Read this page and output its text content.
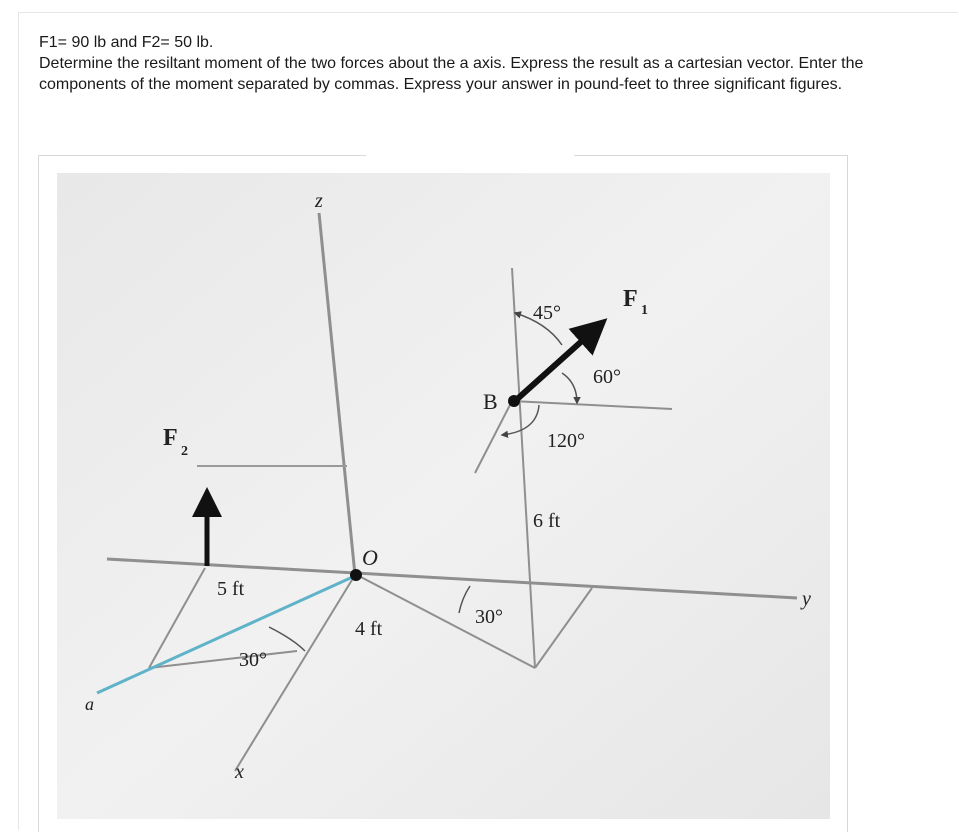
F1= 90 lb and F2= 50 lb.

Determine the resiltant moment of the two forces about the a axis. Express the result as a cartesian vector. Enter the components of the moment separated by commas. Express your answer in pound-feet to three significant figures.

z
y
x
a
O
B
F 1
F
2
45°
60°
120°
30°
30°
5 ft
4 ft
6 ft
